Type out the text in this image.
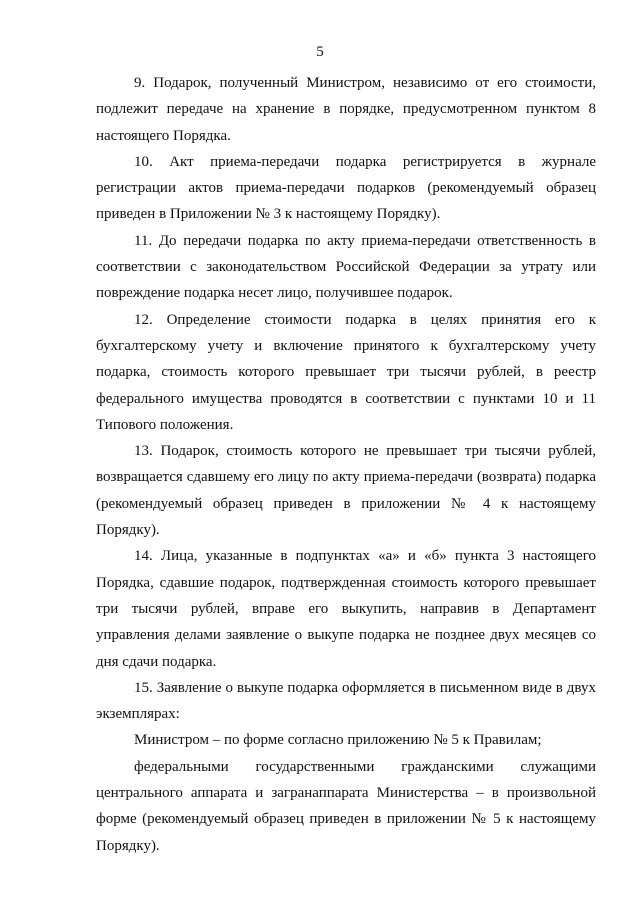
5

9. Подарок, полученный Министром, независимо от его стоимости, подлежит передаче на хранение в порядке, предусмотренном пунктом 8 настоящего Порядка.

10. Акт приема-передачи подарка регистрируется в журнале регистрации актов приема-передачи подарков (рекомендуемый образец приведен в Приложении № 3 к настоящему Порядку).

11. До передачи подарка по акту приема-передачи ответственность в соответствии с законодательством Российской Федерации за утрату или повреждение подарка несет лицо, получившее подарок.

12. Определение стоимости подарка в целях принятия его к бухгалтерскому учету и включение принятого к бухгалтерскому учету подарка, стоимость которого превышает три тысячи рублей, в реестр федерального имущества проводятся в соответствии с пунктами 10 и 11 Типового положения.

13. Подарок, стоимость которого не превышает три тысячи рублей, возвращается сдавшему его лицу по акту приема-передачи (возврата) подарка (рекомендуемый образец приведен в приложении № 4 к настоящему Порядку).

14. Лица, указанные в подпунктах «а» и «б» пункта 3 настоящего Порядка, сдавшие подарок, подтвержденная стоимость которого превышает три тысячи рублей, вправе его выкупить, направив в Департамент управления делами заявление о выкупе подарка не позднее двух месяцев со дня сдачи подарка.

15. Заявление о выкупе подарка оформляется в письменном виде в двух экземплярах:

Министром – по форме согласно приложению № 5 к Правилам;

федеральными государственными гражданскими служащими центрального аппарата и загранаппарата Министерства – в произвольной форме (рекомендуемый образец приведен в приложении № 5 к настоящему Порядку).
